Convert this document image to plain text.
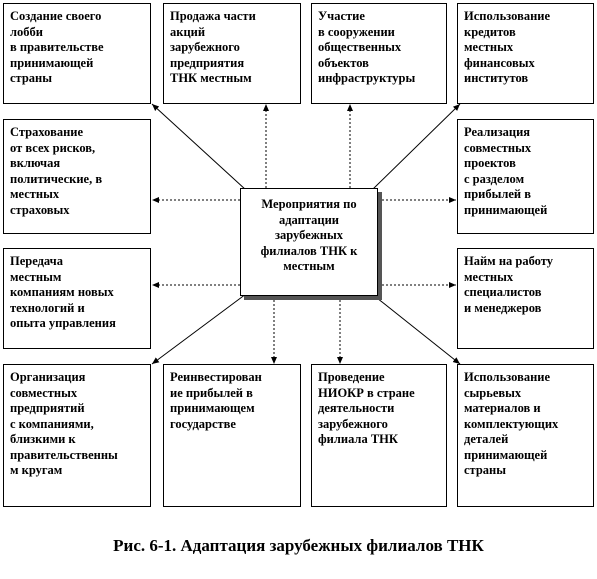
Создание своего
лобби
в правительстве
принимающей
страны
Продажа части
акций
зарубежного
предприятия
ТНК местным
Участие
в сооружении
общественных
объектов
инфраструктуры
Использование
кредитов
местных
финансовых
институтов
Страхование
от всех рисков,
включая
политические, в
местных
страховых
Передача
местным
компаниям новых
технологий и
опыта управления
Реализация
совместных
проектов
с разделом
прибылей в
принимающей
Найм на работу
местных
специалистов
и менеджеров
Мероприятия по
адаптации
зарубежных
филиалов ТНК к
местным
Организация
совместных
предприятий
с компаниями,
близкими к
правительственны
м кругам
Реинвестирован
ие прибылей в
принимающем
государстве
Проведение
НИОКР в стране
деятельности
зарубежного
филиала ТНК
Использование
сырьевых
материалов и
комплектующих
деталей
принимающей
страны
Рис. 6-1. Адаптация зарубежных филиалов ТНК
